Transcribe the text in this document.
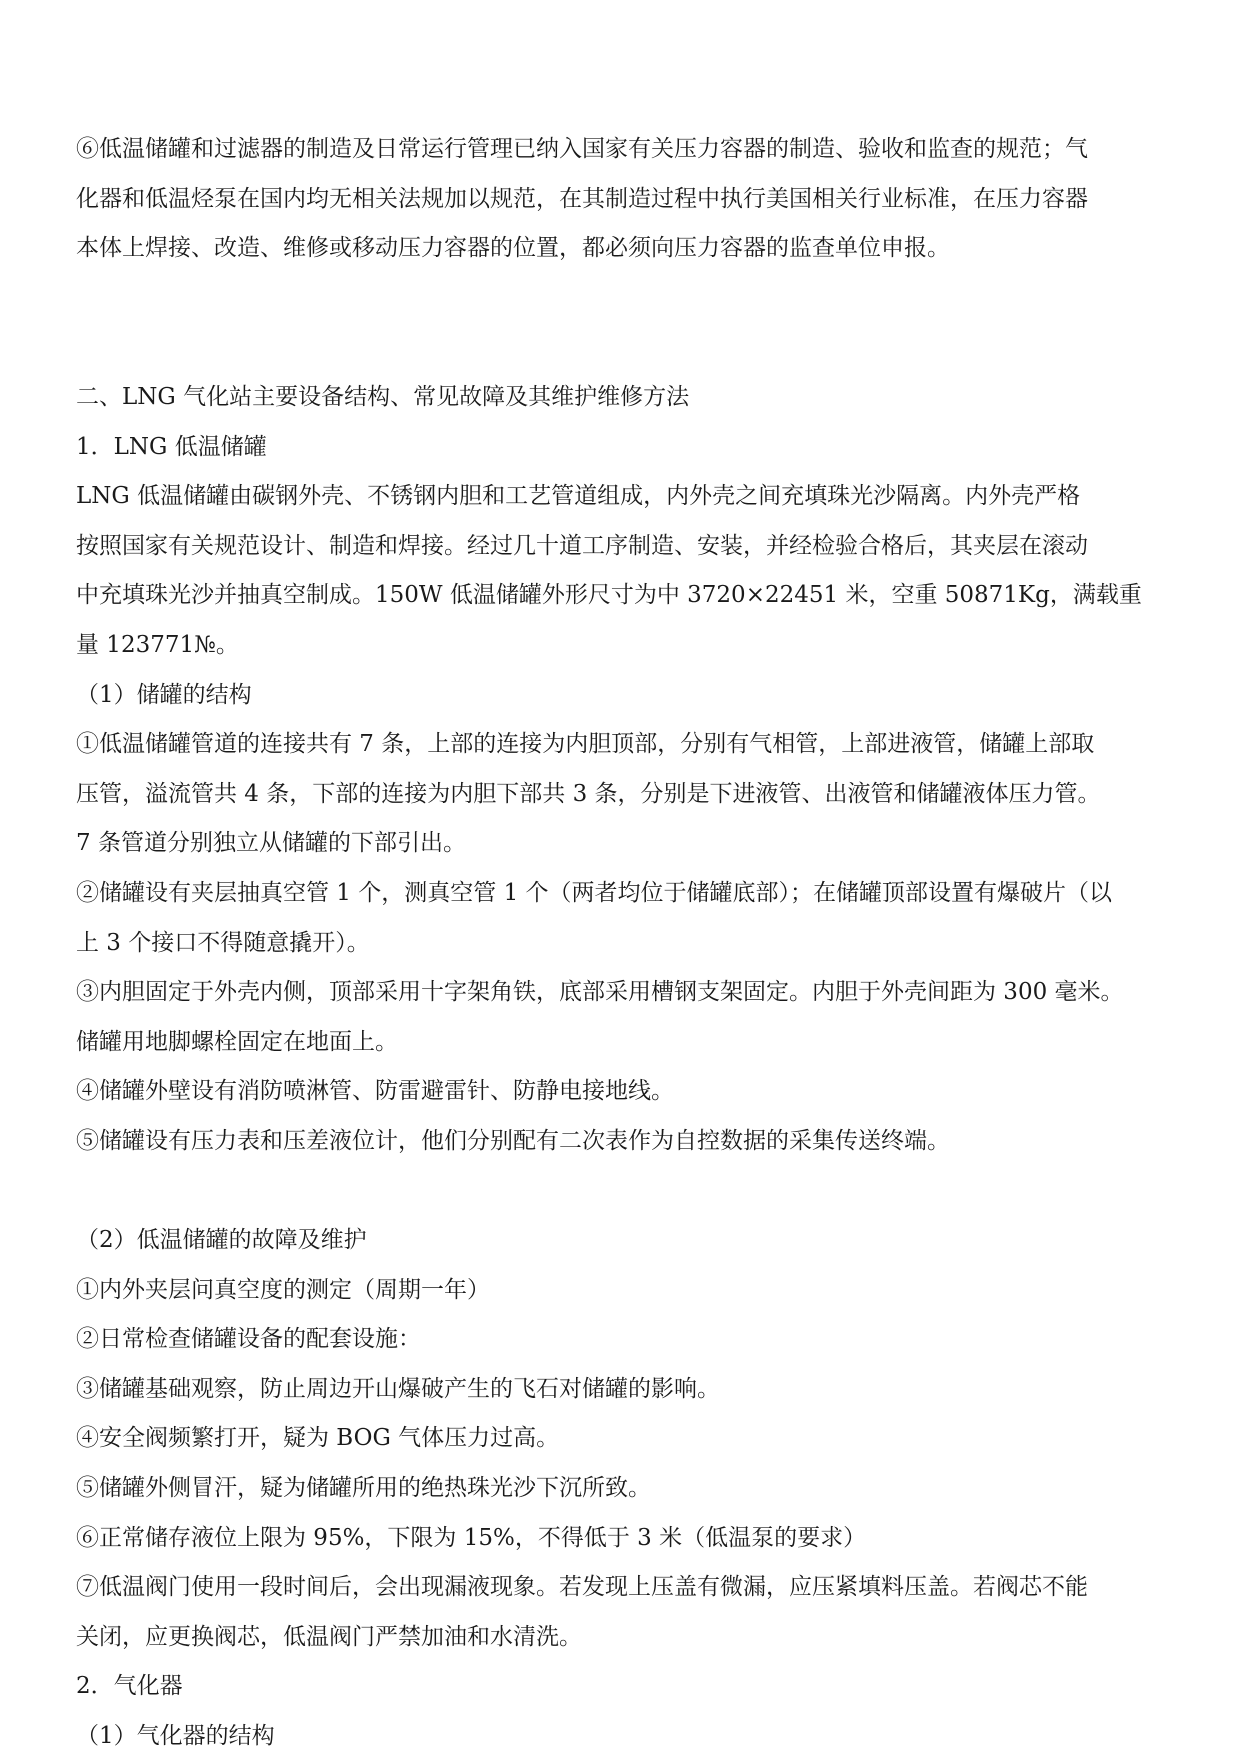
⑥低温储罐和过滤器的制造及日常运行管理已纳入国家有关压力容器的制造、验收和监查的规范；气

化器和低温烃泵在国内均无相关法规加以规范，在其制造过程中执行美国相关行业标准，在压力容器

本体上焊接、改造、维修或移动压力容器的位置，都必须向压力容器的监查单位申报。

二、LNG 气化站主要设备结构、常见故障及其维护维修方法

1．LNG 低温储罐

LNG 低温储罐由碳钢外壳、不锈钢内胆和工艺管道组成，内外壳之间充填珠光沙隔离。内外壳严格

按照国家有关规范设计、制造和焊接。经过几十道工序制造、安装，并经检验合格后，其夹层在滚动

中充填珠光沙并抽真空制成。150W 低温储罐外形尺寸为中 3720×22451 米，空重 50871Kg，满载重

量 123771№。

（1）储罐的结构

①低温储罐管道的连接共有 7 条，上部的连接为内胆顶部，分别有气相管，上部进液管，储罐上部取

压管，溢流管共 4 条，下部的连接为内胆下部共 3 条，分别是下进液管、出液管和储罐液体压力管。

7 条管道分别独立从储罐的下部引出。

②储罐设有夹层抽真空管 1 个，测真空管 1 个（两者均位于储罐底部）；在储罐顶部设置有爆破片（以

上 3 个接口不得随意撬开）。

③内胆固定于外壳内侧，顶部采用十字架角铁，底部采用槽钢支架固定。内胆于外壳间距为 300 毫米。

储罐用地脚螺栓固定在地面上。

④储罐外壁设有消防喷淋管、防雷避雷针、防静电接地线。

⑤储罐设有压力表和压差液位计，他们分别配有二次表作为自控数据的采集传送终端。

（2）低温储罐的故障及维护

①内外夹层问真空度的测定（周期一年）

②日常检查储罐设备的配套设施：

③储罐基础观察，防止周边开山爆破产生的飞石对储罐的影响。

④安全阀频繁打开，疑为 BOG 气体压力过高。

⑤储罐外侧冒汗，疑为储罐所用的绝热珠光沙下沉所致。

⑥正常储存液位上限为 95%，下限为 15%，不得低于 3 米（低温泵的要求）

⑦低温阀门使用一段时间后，会出现漏液现象。若发现上压盖有微漏，应压紧填料压盖。若阀芯不能

关闭，应更换阀芯，低温阀门严禁加油和水清洗。

2．气化器

（1）气化器的结构
